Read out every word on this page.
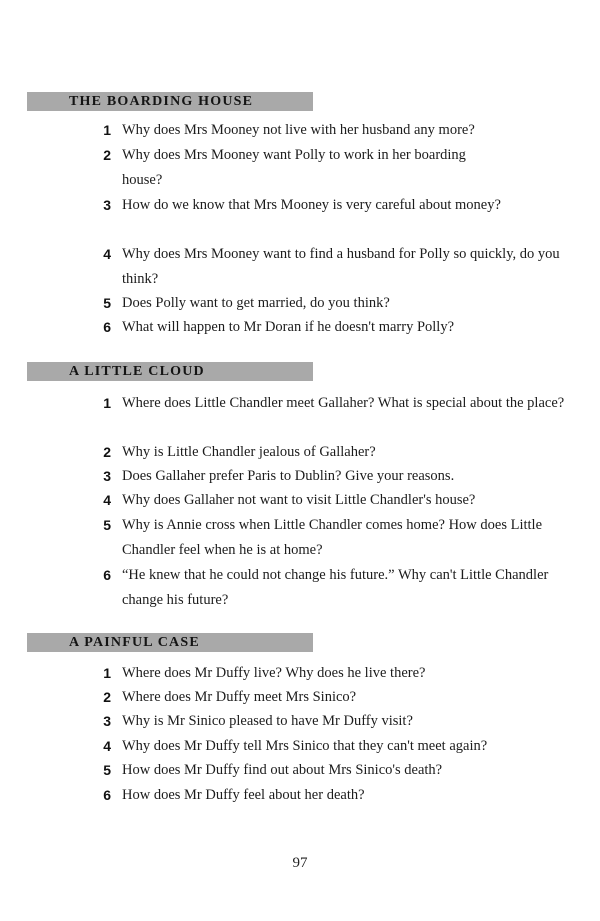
THE BOARDING HOUSE
1 Why does Mrs Mooney not live with her husband any more?
2 Why does Mrs Mooney want Polly to work in her boarding house?
3 How do we know that Mrs Mooney is very careful about money?
4 Why does Mrs Mooney want to find a husband for Polly so quickly, do you think?
5 Does Polly want to get married, do you think?
6 What will happen to Mr Doran if he doesn't marry Polly?
A LITTLE CLOUD
1 Where does Little Chandler meet Gallaher? What is special about the place?
2 Why is Little Chandler jealous of Gallaher?
3 Does Gallaher prefer Paris to Dublin? Give your reasons.
4 Why does Gallaher not want to visit Little Chandler's house?
5 Why is Annie cross when Little Chandler comes home? How does Little Chandler feel when he is at home?
6 “He knew that he could not change his future.” Why can't Little Chandler change his future?
A PAINFUL CASE
1 Where does Mr Duffy live? Why does he live there?
2 Where does Mr Duffy meet Mrs Sinico?
3 Why is Mr Sinico pleased to have Mr Duffy visit?
4 Why does Mr Duffy tell Mrs Sinico that they can't meet again?
5 How does Mr Duffy find out about Mrs Sinico's death?
6 How does Mr Duffy feel about her death?
97
